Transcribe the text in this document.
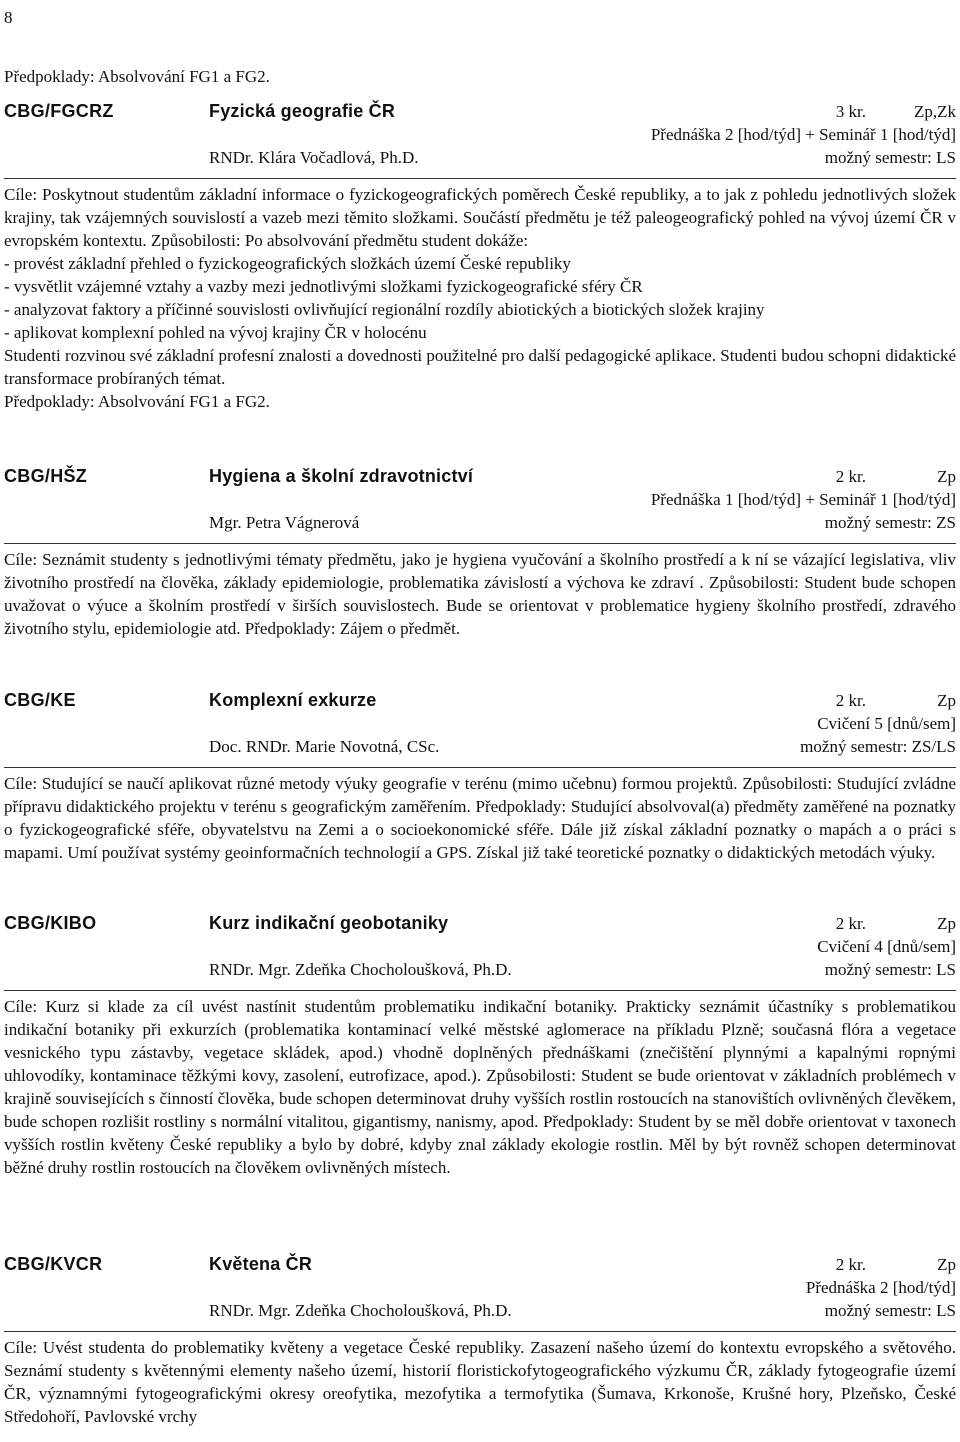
8
Předpoklady: Absolvování FG1 a FG2.
CBG/FGCRZ	Fyzická geografie ČR	3 kr.	Zp,Zk
Přednáška 2 [hod/týd] + Seminář 1 [hod/týd]
RNDr. Klára Vočadlová, Ph.D.	možný semestr: LS

Cíle: Poskytnout studentům základní informace o fyzickogeografických poměrech České republiky, a to jak z pohledu jednotlivých složek krajiny, tak vzájemných souvislostí a vazeb mezi těmito složkami. Součástí předmětu je též paleogeografický pohled na vývoj území ČR v evropském kontextu. Způsobilosti: Po absolvování předmětu student dokáže:

- provést základní přehled o fyzickogeografických složkách území České republiky

- vysvětlit vzájemné vztahy a vazby mezi jednotlivými složkami fyzickogeografické sféry ČR

- analyzovat faktory a příčinné souvislosti ovlivňující regionální rozdíly abiotických a biotických složek krajiny

- aplikovat komplexní pohled na vývoj krajiny ČR v holocénu

Studenti rozvinou své základní profesní znalosti a dovednosti použitelné pro další pedagogické aplikace. Studenti budou schopni didaktické transformace probíraných témat.

Předpoklady: Absolvování FG1 a FG2.

CBG/HŠZ	Hygiena a školní zdravotnictví	2 kr.	Zp
Přednáška 1 [hod/týd] + Seminář 1 [hod/týd]
Mgr. Petra Vágnerová	možný semestr: ZS

Cíle: Seznámit studenty s jednotlivými tématy předmětu, jako je hygiena vyučování a školního prostředí a k ní se vázající legislativa, vliv životního prostředí na člověka, základy epidemiologie, problematika závislostí a výchova ke zdraví . Způsobilosti: Student bude schopen uvažovat o výuce a školním prostředí v širších souvislostech. Bude se orientovat v problematice hygieny školního prostředí, zdravého životního stylu, epidemiologie atd. Předpoklady: Zájem o předmět.

CBG/KE	Komplexní exkurze	2 kr.	Zp
Cvičení 5 [dnů/sem]
Doc. RNDr. Marie Novotná, CSc.	možný semestr: ZS/LS

Cíle: Studující se naučí aplikovat různé metody výuky geografie v terénu (mimo učebnu) formou projektů. Způsobilosti: Studující zvládne přípravu didaktického projektu v terénu s geografickým zaměřením. Předpoklady: Studující absolvoval(a) předměty zaměřené na poznatky o fyzickogeografické sféře, obyvatelstvu na Zemi a o socioekonomické sféře. Dále již získal základní poznatky o mapách a o práci s mapami. Umí používat systémy geoinformačních technologií a GPS. Získal již také teoretické poznatky o didaktických metodách výuky.

CBG/KIBO	Kurz indikační geobotaniky	2 kr.	Zp
Cvičení 4 [dnů/sem]
RNDr. Mgr. Zdeňka Chocholoušková, Ph.D.	možný semestr: LS

Cíle: Kurz si klade za cíl uvést nastínit studentům problematiku indikační botaniky. Prakticky seznámit účastníky s problematikou indikační botaniky při exkurzích (problematika kontaminací velké městské aglomerace na příkladu Plzně; současná flóra a vegetace vesnického typu zástavby, vegetace skládek, apod.) vhodně doplněných přednáškami (znečištění plynnými a kapalnými ropnými uhlovodíky, kontaminace těžkými kovy, zasolení, eutrofizace, apod.). Způsobilosti: Student se bude orientovat v základních problémech v krajině souvisejících s činností člověka, bude schopen determinovat druhy vyšších rostlin rostoucích na stanovištích ovlivněných člevěkem, bude schopen rozlišit rostliny s normální vitalitou, gigantismy, nanismy, apod. Předpoklady: Student by se měl dobře orientovat v taxonech vyšších rostlin květeny České republiky a bylo by dobré, kdyby znal základy ekologie rostlin. Měl by být rovněž schopen determinovat běžné druhy rostlin rostoucích na člověkem ovlivněných místech.

CBG/KVCR	Květena ČR	2 kr.	Zp
Přednáška 2 [hod/týd]
RNDr. Mgr. Zdeňka Chocholoušková, Ph.D.	možný semestr: LS

Cíle: Uvést studenta do problematiky květeny a vegetace České republiky. Zasazení našeho území do kontextu evropského a světového. Seznámí studenty s květennými elementy našeho území, historií floristickofytogeografického výzkumu ČR, základy fytogeografie území ČR, významnými fytogeografickými okresy oreofytika, mezofytika a termofytika (Šumava, Krkonoše, Krušné hory, Plzeňsko, České Středohoří, Pavlovské vrchy
